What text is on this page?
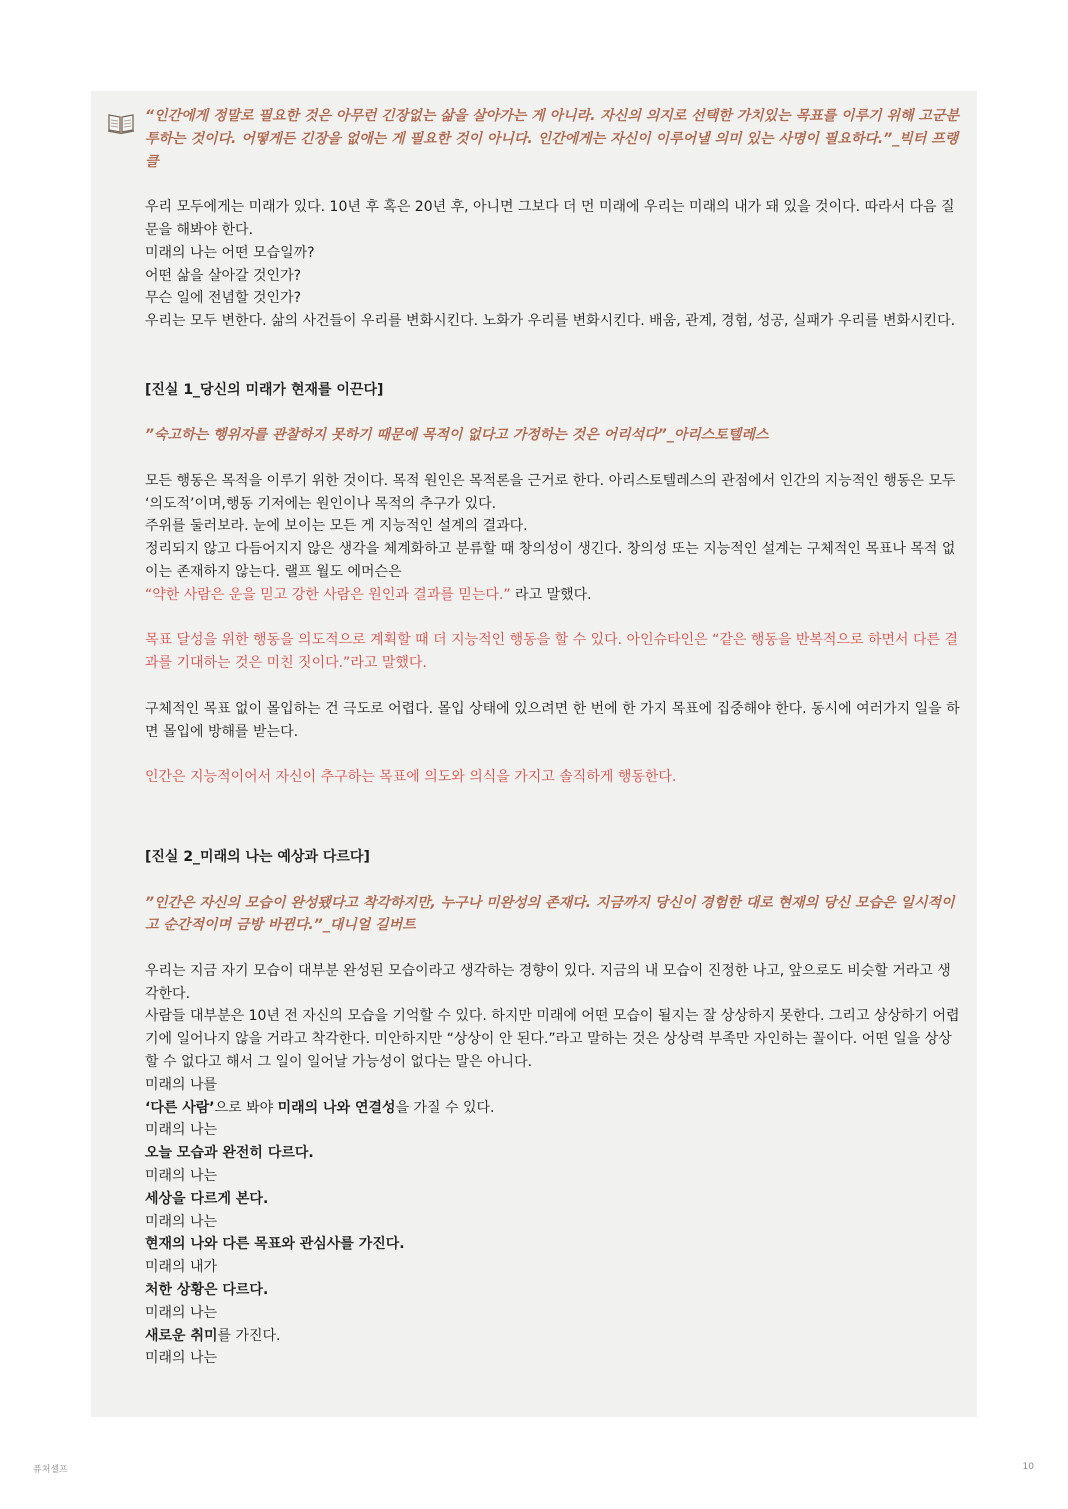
“인간에게 정말로 필요한 것은 아무런 긴장없는 삶을 살아가는 게 아니라. 자신의 의지로 선택한 가치있는 목표를 이루기 위해 고군분투하는 것이다. 어떻게든 긴장을 없애는 게 필요한 것이 아니다. 인간에게는 자신이 이루어낼 의미 있는 사명이 필요하다.”_빅터 프랭클

우리 모두에게는 미래가 있다. 10년 후 혹은 20년 후, 아니면 그보다 더 먼 미래에 우리는 미래의 내가 돼 있을 것이다. 따라서 다음 질문을 해봐야 한다.

미래의 나는 어떤 모습일까?

어떤 삶을 살아갈 것인가?

무슨 일에 전념할 것인가?

우리는 모두 변한다. 삶의 사건들이 우리를 변화시킨다. 노화가 우리를 변화시킨다. 배움, 관계, 경험, 성공, 실패가 우리를 변화시킨다.

[진실 1_당신의 미래가 현재를 이끈다]

”숙고하는 행위자를 관찰하지 못하기 때문에 목적이 없다고 가정하는 것은 어리석다”_아리스토텔레스

모든 행동은 목적을 이루기 위한 것이다. 목적 원인은 목적론을 근거로 한다. 아리스토텔레스의 관점에서 인간의 지능적인 행동은 모두 ‘의도적’이며,행동 기저에는 원인이나 목적의 추구가 있다.

주위를 둘러보라. 눈에 보이는 모든 게 지능적인 설계의 결과다.

정리되지 않고 다듬어지지 않은 생각을 체계화하고 분류할 때 창의성이 생긴다. 창의성 또는 지능적인 설계는 구체적인 목표나 목적 없이는 존재하지 않는다. 랠프 월도 에머슨은

“약한 사람은 운을 믿고 강한 사람은 원인과 결과를 믿는다.” 라고 말했다.

목표 달성을 위한 행동을 의도적으로 계획할 때 더 지능적인 행동을 할 수 있다. 아인슈타인은 “같은 행동을 반복적으로 하면서 다른 결과를 기대하는 것은 미친 짓이다.”라고 말했다.

구체적인 목표 없이 몰입하는 건 극도로 어렵다. 몰입 상태에 있으려면 한 번에 한 가지 목표에 집중해야 한다. 동시에 여러가지 일을 하면 몰입에 방해를 받는다.

인간은 지능적이어서 자신이 추구하는 목표에 의도와 의식을 가지고 솔직하게 행동한다.

[진실 2_미래의 나는 예상과 다르다]

”인간은 자신의 모습이 완성됐다고 착각하지만, 누구나 미완성의 존재다. 지금까지 당신이 경험한 대로 현재의 당신 모습은 일시적이고 순간적이며 금방 바뀐다.”_대니얼 길버트

우리는 지금 자기 모습이 대부분 완성된 모습이라고 생각하는 경향이 있다. 지금의 내 모습이 진정한 나고, 앞으로도 비슷할 거라고 생각한다.

사람들 대부분은 10년 전 자신의 모습을 기억할 수 있다. 하지만 미래에 어떤 모습이 될지는 잘 상상하지 못한다. 그리고 상상하기 어렵기에 일어나지 않을 거라고 착각한다. 미안하지만 “상상이 안 된다.”라고 말하는 것은 상상력 부족만 자인하는 꼴이다. 어떤 일을 상상할 수 없다고 해서 그 일이 일어날 가능성이 없다는 말은 아니다.

미래의 나를

‘다른 사람’으로 봐야 미래의 나와 연결성을 가질 수 있다.

미래의 나는

오늘 모습과 완전히 다르다.

미래의 나는

세상을 다르게 본다.

미래의 나는

현재의 나와 다른 목표와 관심사를 가진다.

미래의 내가

처한 상황은 다르다.

미래의 나는

새로운 취미를 가진다.

미래의 나는

퓨처셀프	10
